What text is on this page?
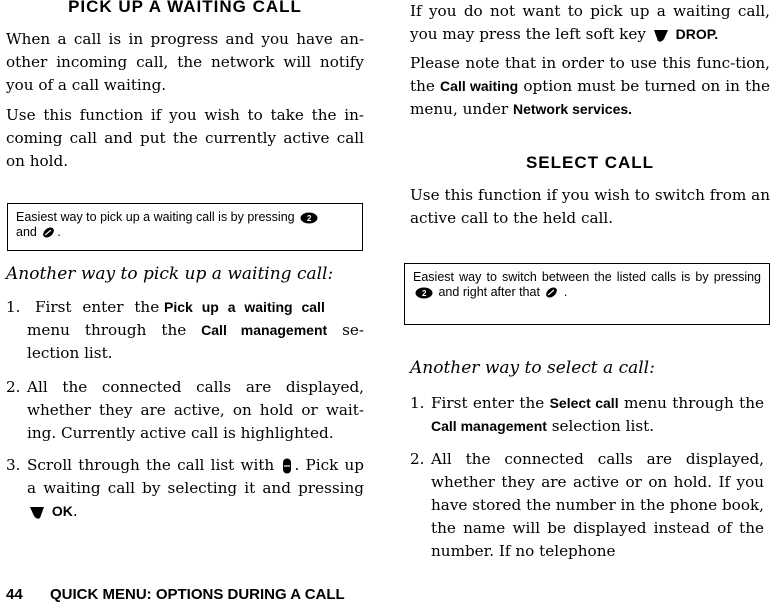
PICK UP A WAITING CALL
When a call is in progress and you have an-other incoming call, the network will notify you of a call waiting.
Use this function if you wish to take the in-coming call and put the currently active call on hold.
Easiest way to pick up a waiting call is by pressing 2

and .
Another way to pick up a waiting call:
1. First enter the Pick up a waiting call
menu through the Call management se-lection list.
2. All the connected calls are displayed, whether they are active, on hold or wait-ing. Currently active call is highlighted.
3. Scroll through the call list with . Pick up a waiting call by selecting it and pressing
OK.
If you do not want to pick up a waiting call, you may press the left soft key DROP.
Please note that in order to use this func-tion, the Call waiting option must be turned on in the menu, under Network services.
SELECT CALL
Use this function if you wish to switch from an active call to the held call.
Easiest way to switch between the listed calls is by pressing
2 and right after that .
Another way to select a call:
1. First enter the Select call menu through the Call management selection list.
2. All the connected calls are displayed, whether they are active or on hold. If you have stored the number in the phone book, the name will be displayed instead of the number. If no telephone
44 QUICK MENU: OPTIONS DURING A CALL
